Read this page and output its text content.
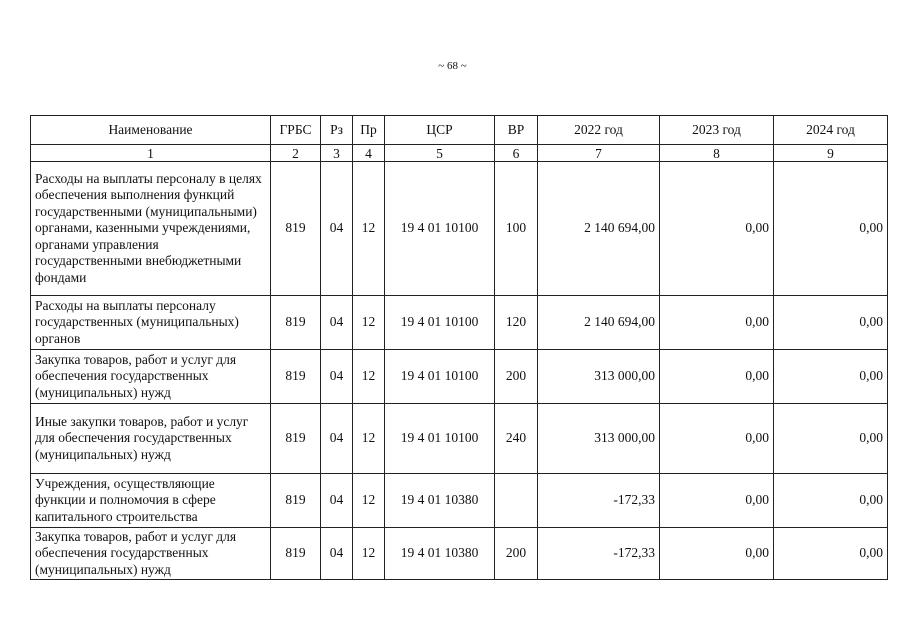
~ 68 ~
Наименование	ГРБС	Рз	Пр	ЦСР	ВР	2022 год	2023 год	2024 год
1	2	3	4	5	6	7	8	9
Расходы на выплаты персоналу в целях обеспечения выполнения функций государственными (муниципальными) органами, казенными учреждениями, органами управления государственными внебюджетными фондами	819	04	12	19 4 01 10100	100	2 140 694,00	0,00	0,00
Расходы на выплаты персоналу государственных (муниципальных) органов	819	04	12	19 4 01 10100	120	2 140 694,00	0,00	0,00
Закупка товаров, работ и услуг для обеспечения государственных (муниципальных) нужд	819	04	12	19 4 01 10100	200	313 000,00	0,00	0,00
Иные закупки товаров, работ и услуг для обеспечения государственных (муниципальных) нужд	819	04	12	19 4 01 10100	240	313 000,00	0,00	0,00
Учреждения, осуществляющие функции и полномочия в сфере капитального строительства	819	04	12	19 4 01 10380		-172,33	0,00	0,00
Закупка товаров, работ и услуг для обеспечения государственных (муниципальных) нужд	819	04	12	19 4 01 10380	200	-172,33	0,00	0,00
